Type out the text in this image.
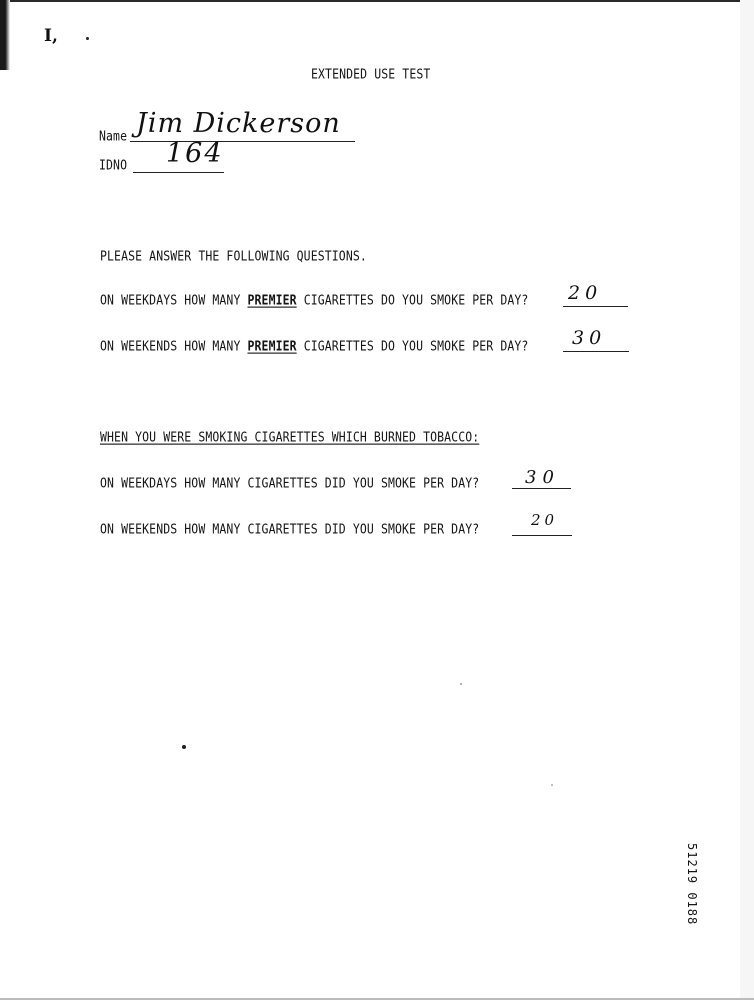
I,
EXTENDED USE TEST
Name Jim Dickerson
IDNO 164
PLEASE ANSWER THE FOLLOWING QUESTIONS.
ON WEEKDAYS HOW MANY PREMIER CIGARETTES DO YOU SMOKE PER DAY? 20
ON WEEKENDS HOW MANY PREMIER CIGARETTES DO YOU SMOKE PER DAY? 30
WHEN YOU WERE SMOKING CIGARETTES WHICH BURNED TOBACCO:
ON WEEKDAYS HOW MANY CIGARETTES DID YOU SMOKE PER DAY?	30
ON WEEKENDS HOW MANY CIGARETTES DID YOU SMOKE PER DAY?	20
51219 0188
